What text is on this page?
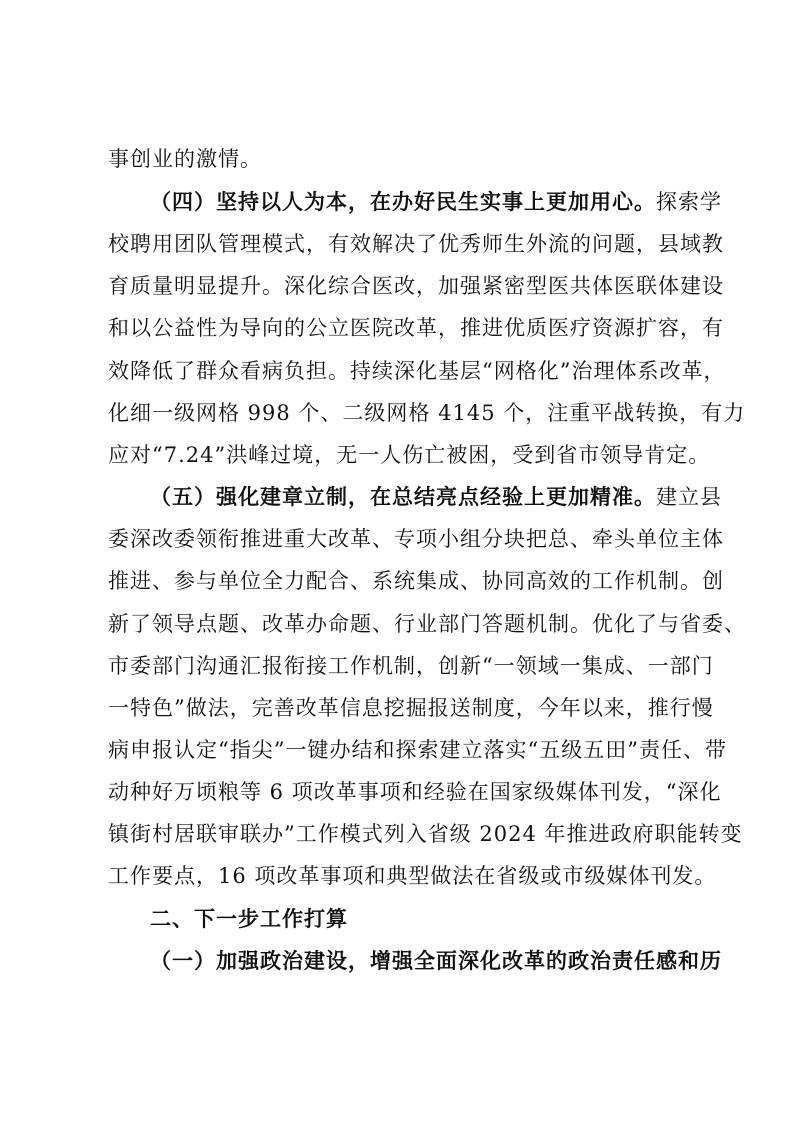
事创业的激情。
（四）坚持以人为本，在办好民生实事上更加用心。探索学
校聘用团队管理模式，有效解决了优秀师生外流的问题，县域教
育质量明显提升。深化综合医改，加强紧密型医共体医联体建设
和以公益性为导向的公立医院改革，推进优质医疗资源扩容，有
效降低了群众看病负担。持续深化基层“网格化”治理体系改革，
化细一级网格 998 个、二级网格 4145 个，注重平战转换，有力
应对“7.24”洪峰过境，无一人伤亡被困，受到省市领导肯定。
（五）强化建章立制，在总结亮点经验上更加精准。建立县
委深改委领衔推进重大改革、专项小组分块把总、牵头单位主体
推进、参与单位全力配合、系统集成、协同高效的工作机制。创
新了领导点题、改革办命题、行业部门答题机制。优化了与省委、
市委部门沟通汇报衔接工作机制，创新“一领域一集成、一部门
一特色”做法，完善改革信息挖掘报送制度，今年以来，推行慢
病申报认定“指尖”一键办结和探索建立落实“五级五田”责任、带
动种好万顷粮等 6 项改革事项和经验在国家级媒体刊发，“深化
镇街村居联审联办”工作模式列入省级 2024 年推进政府职能转变
工作要点，16 项改革事项和典型做法在省级或市级媒体刊发。
二、下一步工作打算
（一）加强政治建设，增强全面深化改革的政治责任感和历
